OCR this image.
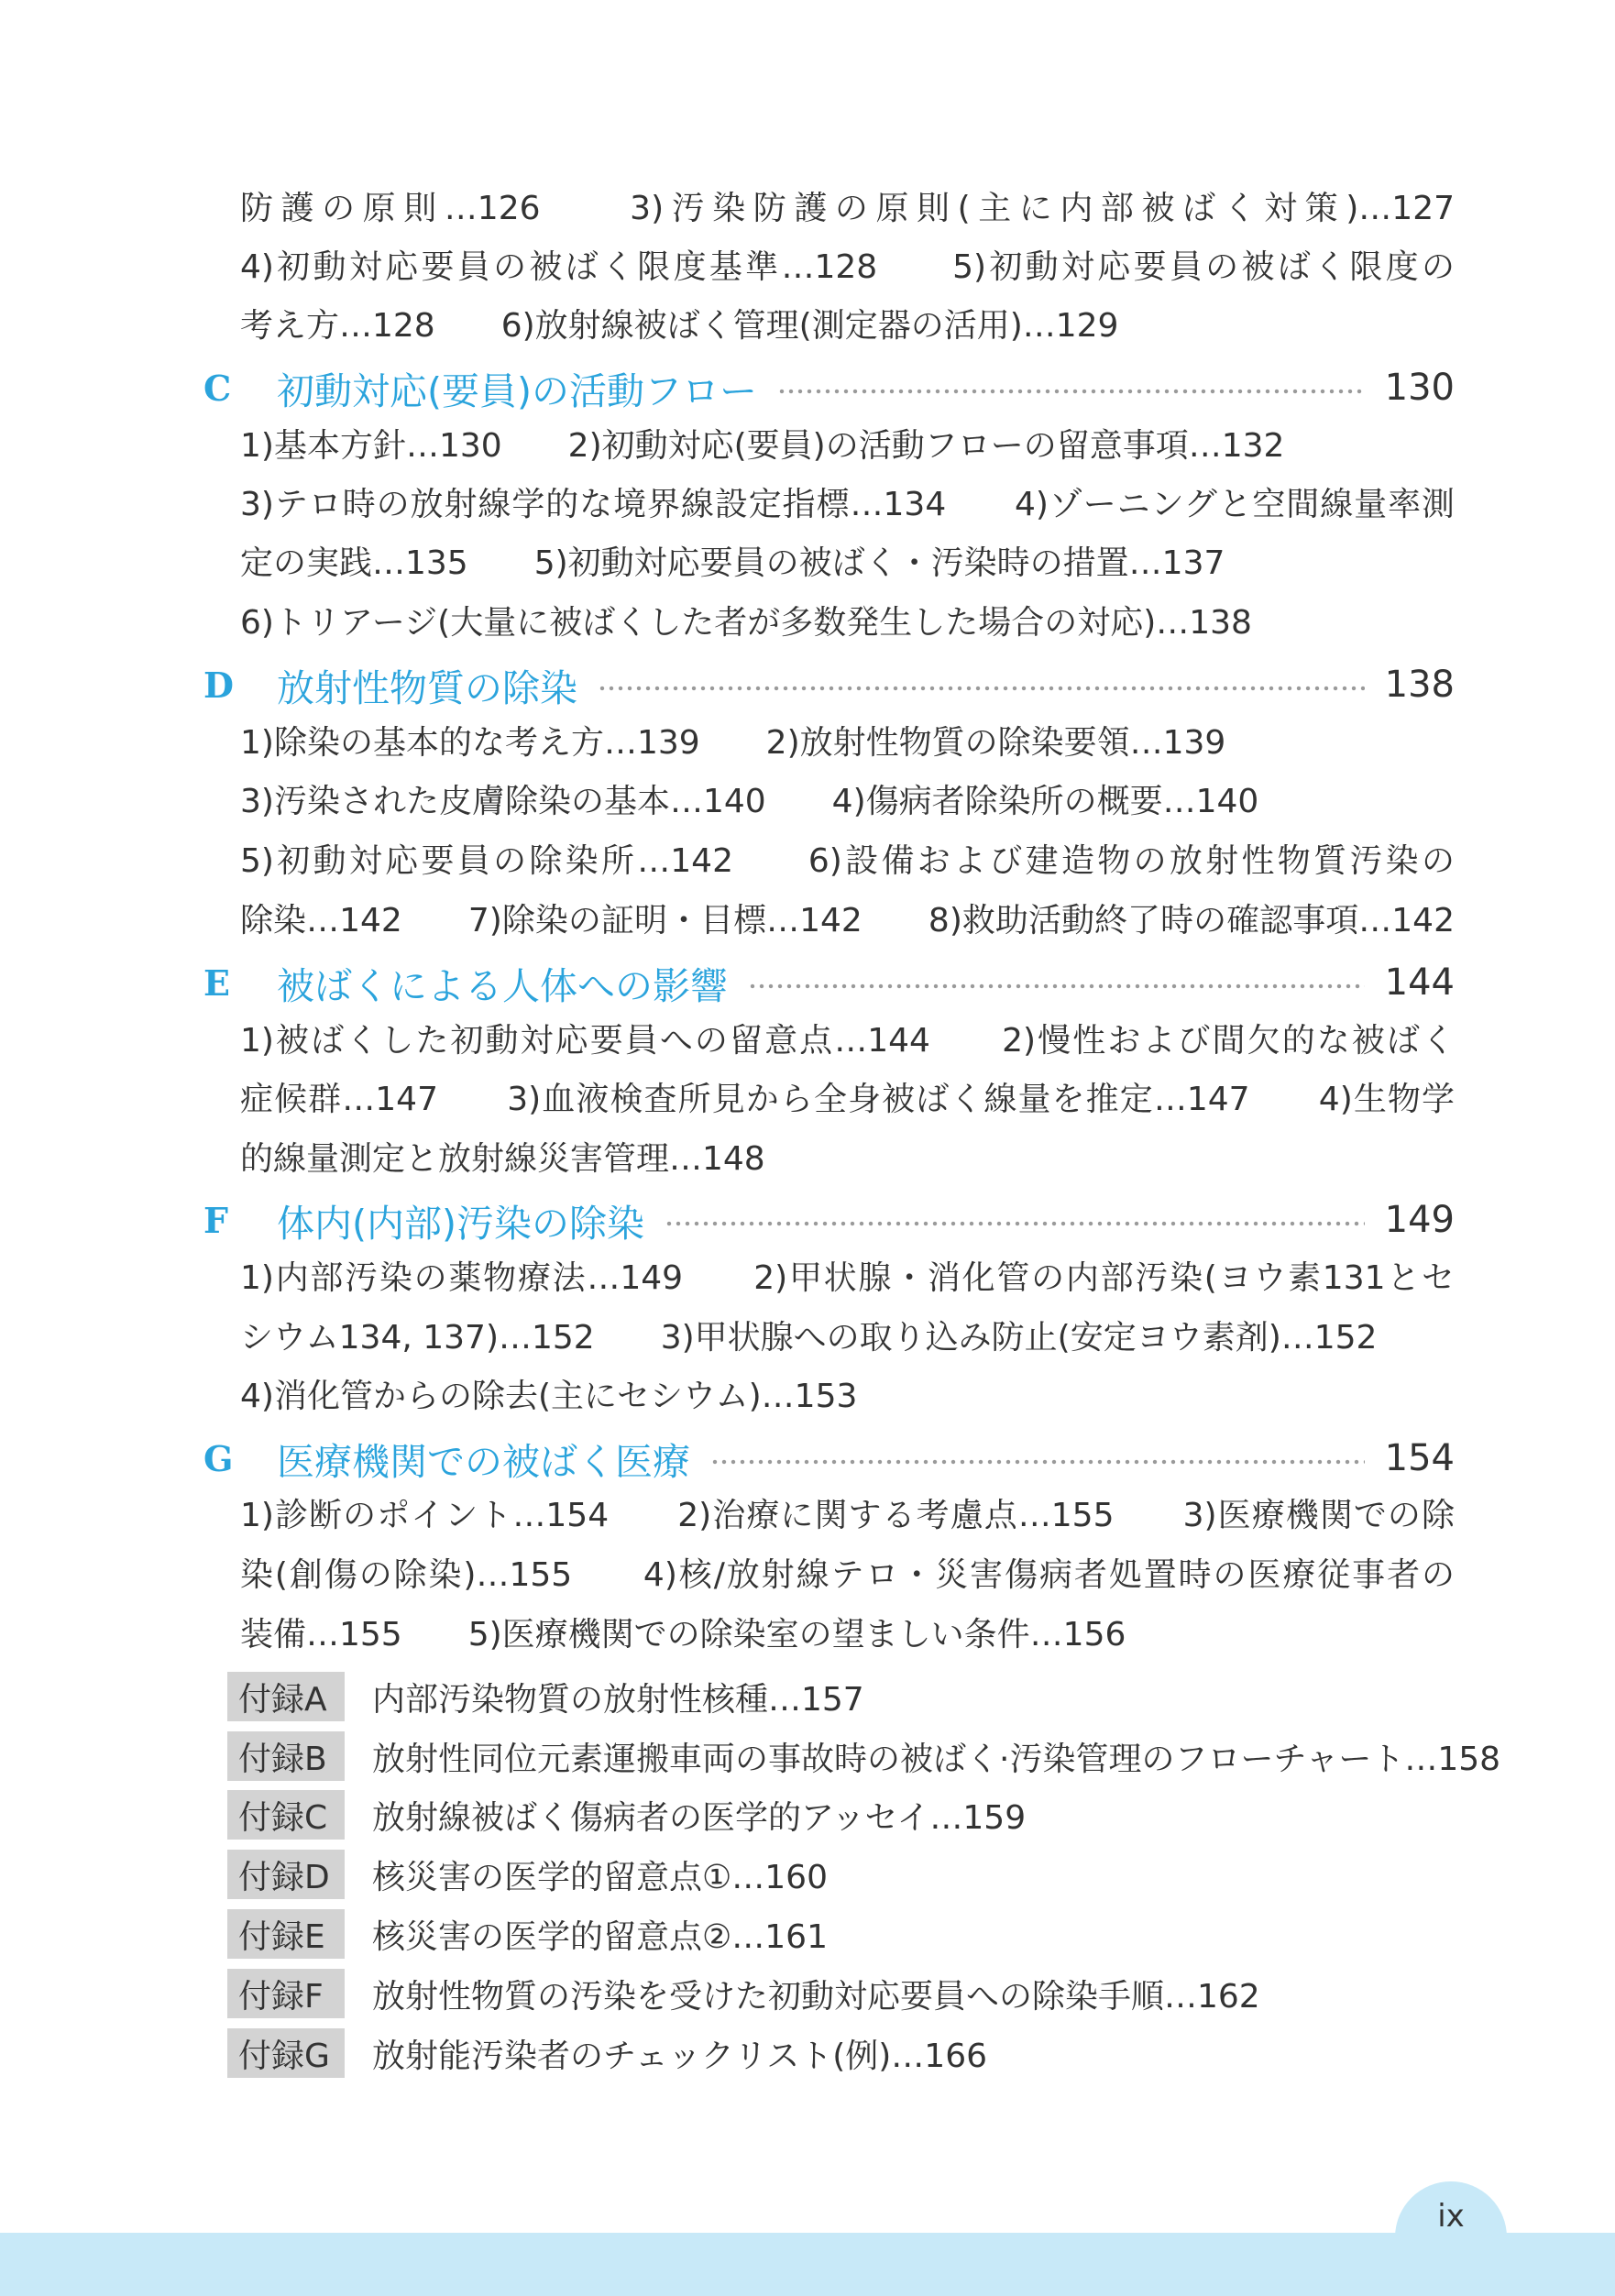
防護の原則…126　　3)汚染防護の原則(主に内部被ばく対策)…127
4)初動対応要員の被ばく限度基準…128　　5)初動対応要員の被ばく限度の
考え方…128　　6)放射線被ばく管理(測定器の活用)…129
C	初動対応(要員)の活動フロー	130
1)基本方針…130　　2)初動対応(要員)の活動フローの留意事項…132
3)テロ時の放射線学的な境界線設定指標…134　　4)ゾーニングと空間線量率測
定の実践…135　　5)初動対応要員の被ばく・汚染時の措置…137
6)トリアージ(大量に被ばくした者が多数発生した場合の対応)…138
D	放射性物質の除染	138
1)除染の基本的な考え方…139　　2)放射性物質の除染要領…139
3)汚染された皮膚除染の基本…140　　4)傷病者除染所の概要…140
5)初動対応要員の除染所…142　　6)設備および建造物の放射性物質汚染の
除染…142　　7)除染の証明・目標…142　　8)救助活動終了時の確認事項…142
E	被ばくによる人体への影響	144
1)被ばくした初動対応要員への留意点…144　　2)慢性および間欠的な被ばく
症候群…147　　3)血液検査所見から全身被ばく線量を推定…147　　4)生物学
的線量測定と放射線災害管理…148
F	体内(内部)汚染の除染	149
1)内部汚染の薬物療法…149　　2)甲状腺・消化管の内部汚染(ヨウ素131とセ
シウム134, 137)…152　　3)甲状腺への取り込み防止(安定ヨウ素剤)…152
4)消化管からの除去(主にセシウム)…153
G	医療機関での被ばく医療	154
1)診断のポイント…154　　2)治療に関する考慮点…155　　3)医療機関での除
染(創傷の除染)…155　　4)核/放射線テロ・災害傷病者処置時の医療従事者の
装備…155　　5)医療機関での除染室の望ましい条件…156
付録A	内部汚染物質の放射性核種…157
付録B	放射性同位元素運搬車両の事故時の被ばく·汚染管理のフローチャート…158
付録C	放射線被ばく傷病者の医学的アッセイ…159
付録D	核災害の医学的留意点①…160
付録E	核災害の医学的留意点②…161
付録F	放射性物質の汚染を受けた初動対応要員への除染手順…162
付録G	放射能汚染者のチェックリスト(例)…166
ix
